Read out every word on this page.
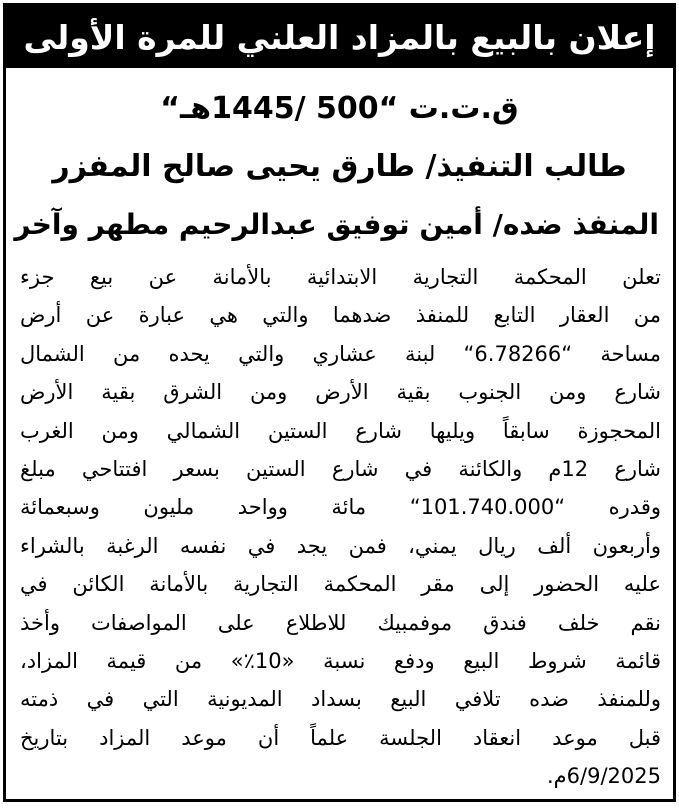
إعلان بالبيع بالمزاد العلني للمرة الأولى
ق.ت.ت “500 /1445هـ“
طالب التنفيذ/ طارق يحيى صالح المفزر
المنفذ ضده/ أمين توفيق عبدالرحيم مطهر وآخر
تعلن المحكمة التجارية الابتدائية بالأمانة عن بيع جزء
من العقار التابع للمنفذ ضدهما والتي هي عبارة عن أرض
مساحة “6.78266“ لبنة عشاري والتي يحده من الشمال
شارع ومن الجنوب بقية الأرض ومن الشرق بقية الأرض
المحجوزة سابقاً ويليها شارع الستين الشمالي ومن الغرب
شارع 12م والكائنة في شارع الستين بسعر افتتاحي مبلغ
وقدره “101.740.000“ مائة وواحد مليون وسبعمائة
وأربعون ألف ريال يمني، فمن يجد في نفسه الرغبة بالشراء
عليه الحضور إلى مقر المحكمة التجارية بالأمانة الكائن في
نقم خلف فندق موفمبيك للاطلاع على المواصفات وأخذ
قائمة شروط البيع ودفع نسبة «10٪» من قيمة المزاد،
وللمنفذ ضده تلافي البيع بسداد المديونية التي في ذمته
قبل موعد انعقاد الجلسة علماً أن موعد المزاد بتاريخ
6/9/2025م.
